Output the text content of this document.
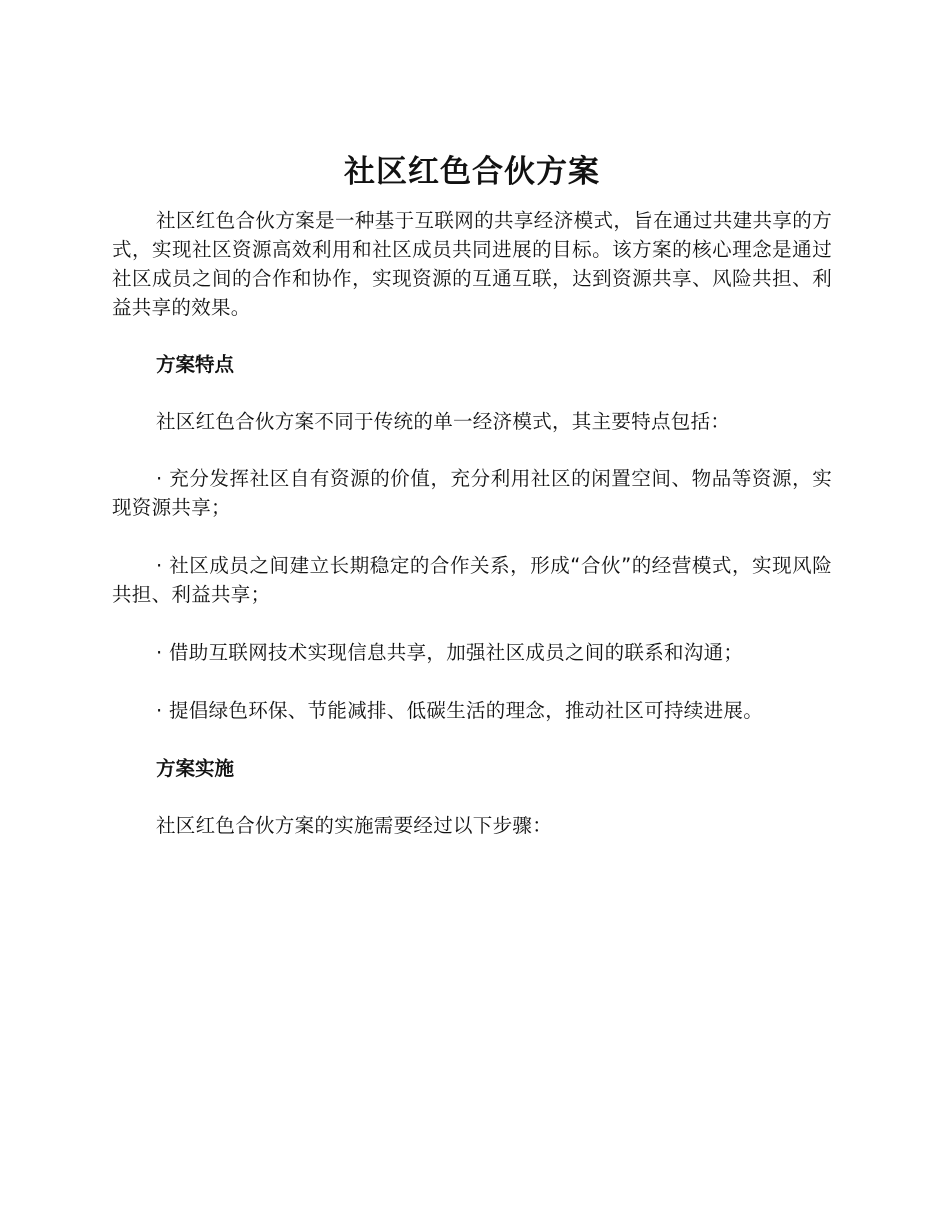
社区红色合伙方案

社区红色合伙方案是一种基于互联网的共享经济模式，旨在通过共建共享的方式，实现社区资源高效利用和社区成员共同进展的目标。该方案的核心理念是通过社区成员之间的合作和协作，实现资源的互通互联，达到资源共享、风险共担、利益共享的效果。

方案特点

社区红色合伙方案不同于传统的单一经济模式，其主要特点包括：

· 充分发挥社区自有资源的价值，充分利用社区的闲置空间、物品等资源，实现资源共享；

· 社区成员之间建立长期稳定的合作关系，形成“合伙”的经营模式，实现风险共担、利益共享；

· 借助互联网技术实现信息共享，加强社区成员之间的联系和沟通；

· 提倡绿色环保、节能减排、低碳生活的理念，推动社区可持续进展。

方案实施

社区红色合伙方案的实施需要经过以下步骤：
